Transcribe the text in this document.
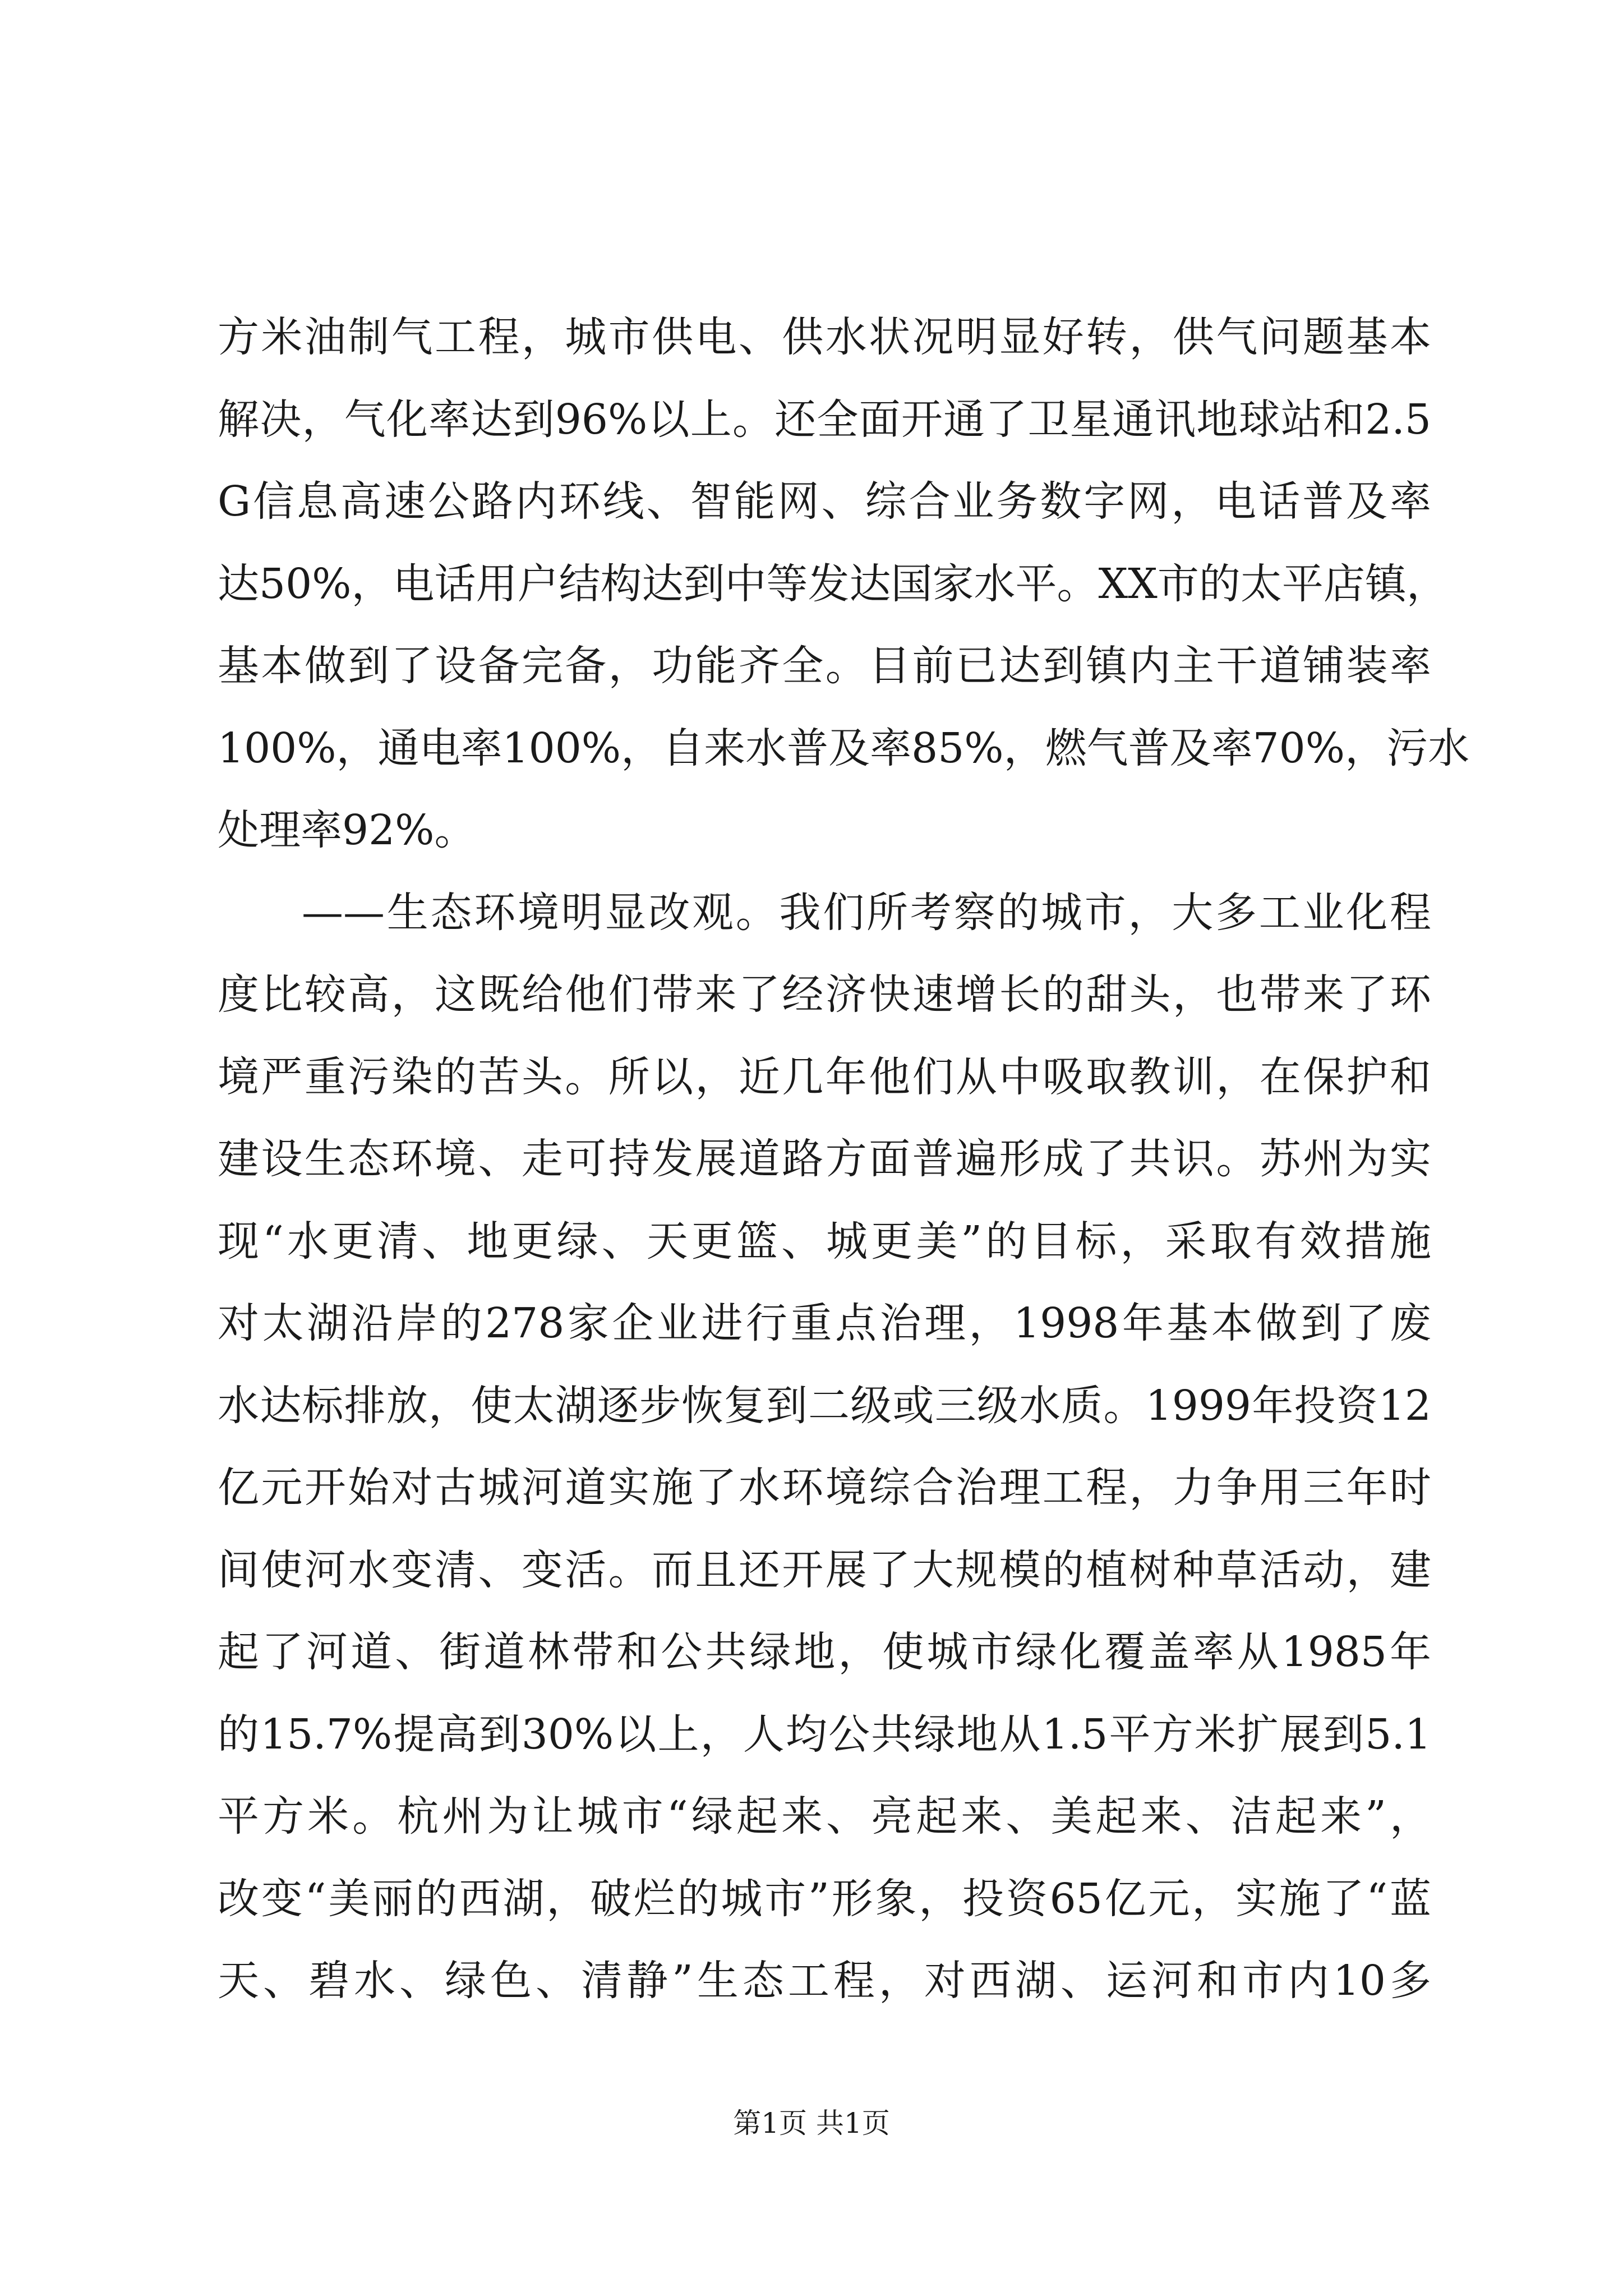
方米油制气工程，城市供电、供水状况明显好转，供气问题基本
解决，气化率达到96%以上。还全面开通了卫星通讯地球站和2.5
G信息高速公路内环线、智能网、综合业务数字网，电话普及率
达50%，电话用户结构达到中等发达国家水平。XX市的太平店镇，
基本做到了设备完备，功能齐全。目前已达到镇内主干道铺装率
100%，通电率100%，自来水普及率85%，燃气普及率70%，污水
处理率92%。
——生态环境明显改观。我们所考察的城市，大多工业化程
度比较高，这既给他们带来了经济快速增长的甜头，也带来了环
境严重污染的苦头。所以，近几年他们从中吸取教训，在保护和
建设生态环境、走可持发展道路方面普遍形成了共识。苏州为实
现“水更清、地更绿、天更篮、城更美”的目标，采取有效措施
对太湖沿岸的278家企业进行重点治理，1998年基本做到了废
水达标排放，使太湖逐步恢复到二级或三级水质。1999年投资12
亿元开始对古城河道实施了水环境综合治理工程，力争用三年时
间使河水变清、变活。而且还开展了大规模的植树种草活动，建
起了河道、街道林带和公共绿地，使城市绿化覆盖率从1985年
的15.7%提高到30%以上，人均公共绿地从1.5平方米扩展到5.1
平方米。杭州为让城市“绿起来、亮起来、美起来、洁起来”，
改变“美丽的西湖，破烂的城市”形象，投资65亿元，实施了“蓝
天、碧水、绿色、清静”生态工程，对西湖、运河和市内10多
第1页 共1页
